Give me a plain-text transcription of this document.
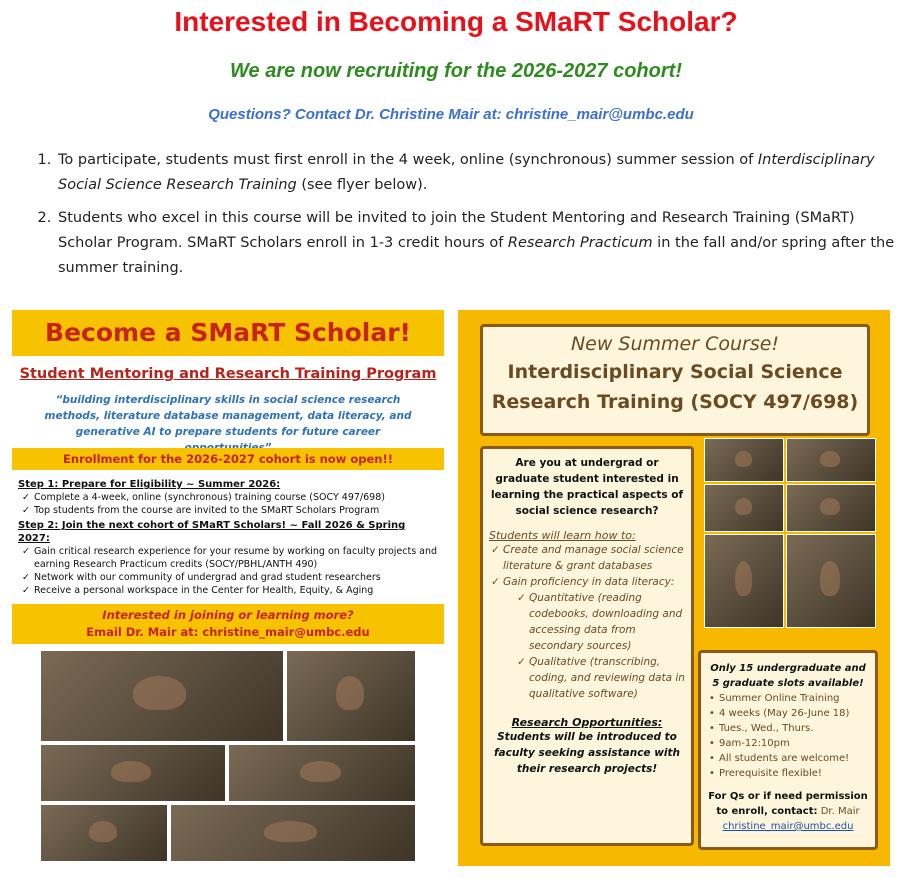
Interested in Becoming a SMaRT Scholar?
We are now recruiting for the 2026-2027 cohort!
Questions? Contact Dr. Christine Mair at: christine_mair@umbc.edu
1. To participate, students must first enroll in the 4 week, online (synchronous) summer session of Interdisciplinary Social Science Research Training (see flyer below).
2. Students who excel in this course will be invited to join the Student Mentoring and Research Training (SMaRT) Scholar Program. SMaRT Scholars enroll in 1-3 credit hours of Research Practicum in the fall and/or spring after the summer training.
Become a SMaRT Scholar!
Student Mentoring and Research Training Program
“building interdisciplinary skills in social science research methods, literature database management, data literacy, and generative AI to prepare students for future career
Enrollment for the 2026-2027 cohort is now open!!
Step 1: Prepare for Eligibility ~ Summer 2026:
✓ Complete a 4-week, online (synchronous) training course (SOCY 497/698)
✓ Top students from the course are invited to the SMaRT Scholars Program
Step 2: Join the next cohort of SMaRT Scholars! ~ Fall 2026 & Spring 2027:
✓ Gain critical research experience for your resume by working on faculty projects and earning Research Practicum credits (SOCY/PBHL/ANTH 490)
✓ Network with our community of undergrad and grad student researchers
✓ Receive a personal workspace in the Center for Health, Equity, & Aging
Interested in joining or learning more?
Email Dr. Mair at: christine_mair@umbc.edu
New Summer Course!
Interdisciplinary Social Science
Research Training (SOCY 497/698)
Are you at undergrad or graduate student interested in learning the practical aspects of social science research?
Students will learn how to:
✓ Create and manage social science literature & grant databases
✓ Gain proficiency in data literacy:
✓ Quantitative (reading codebooks, downloading and accessing data from secondary sources)
✓ Qualitative (transcribing, coding, and reviewing data in qualitative software)
Research Opportunities:
Students will be introduced to faculty seeking assistance with their research projects!
Only 15 undergraduate and 5 graduate slots available!
• Summer Online Training
• 4 weeks (May 26-June 18)
• Tues., Wed., Thurs.
• 9am-12:10pm
• All students are welcome!
• Prerequisite flexible!
For Qs or if need permission to enroll, contact: Dr. Mair
christine_mair@umbc.edu
